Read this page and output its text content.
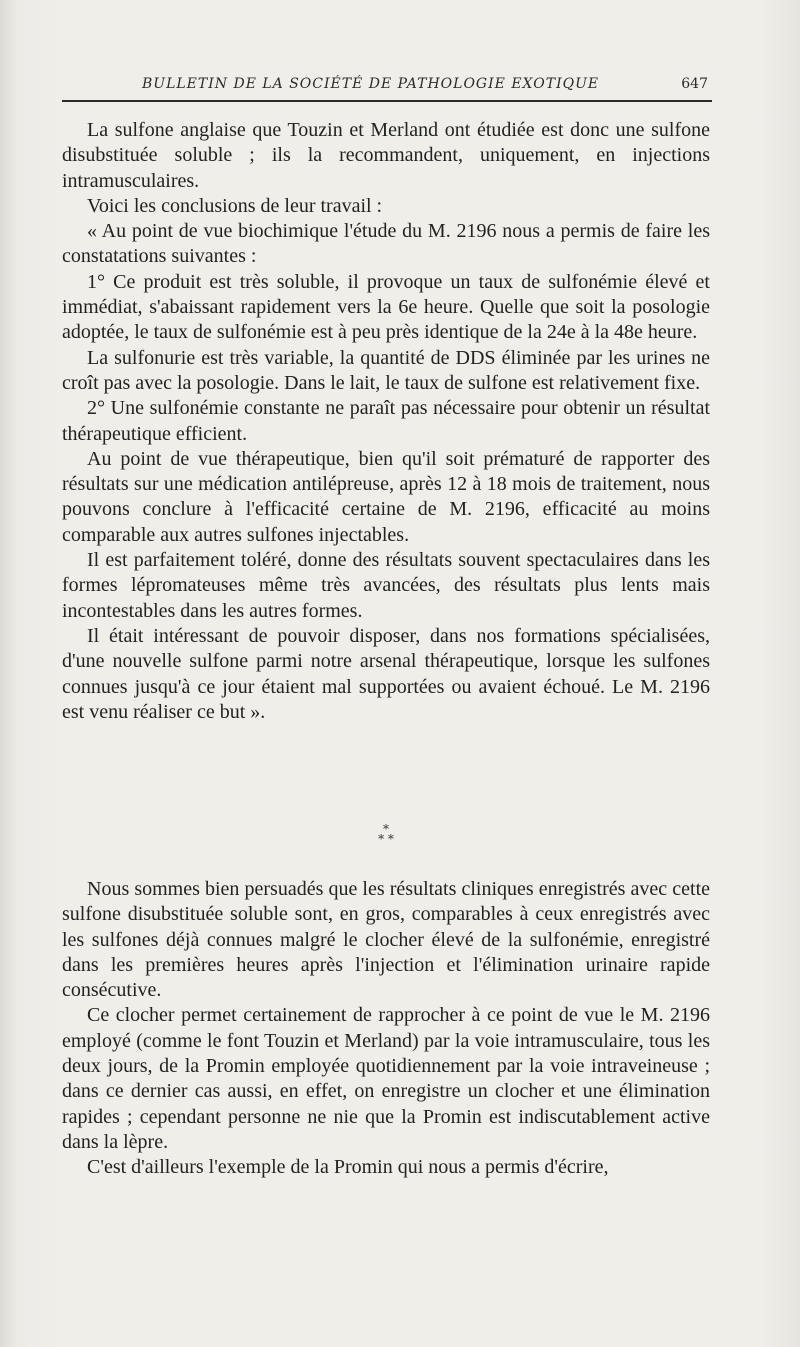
BULLETIN DE LA SOCIÉTÉ DE PATHOLOGIE EXOTIQUE	647

La sulfone anglaise que Touzin et Merland ont étudiée est donc une sulfone disubstituée soluble ; ils la recommandent, uniquement, en injections intramusculaires.

Voici les conclusions de leur travail :

« Au point de vue biochimique l'étude du M. 2196 nous a permis de faire les constatations suivantes :

1° Ce produit est très soluble, il provoque un taux de sulfonémie élevé et immédiat, s'abaissant rapidement vers la 6e heure. Quelle que soit la posologie adoptée, le taux de sulfonémie est à peu près identique de la 24e à la 48e heure.

La sulfonurie est très variable, la quantité de DDS éliminée par les urines ne croît pas avec la posologie. Dans le lait, le taux de sulfone est relativement fixe.

2° Une sulfonémie constante ne paraît pas nécessaire pour obtenir un résultat thérapeutique efficient.

Au point de vue thérapeutique, bien qu'il soit prématuré de rapporter des résultats sur une médication antilépreuse, après 12 à 18 mois de traitement, nous pouvons conclure à l'efficacité certaine de M. 2196, efficacité au moins comparable aux autres sulfones injectables.

Il est parfaitement toléré, donne des résultats souvent spectaculaires dans les formes lépromateuses même très avancées, des résultats plus lents mais incontestables dans les autres formes.

Il était intéressant de pouvoir disposer, dans nos formations spécialisées, d'une nouvelle sulfone parmi notre arsenal thérapeutique, lorsque les sulfones connues jusqu'à ce jour étaient mal supportées ou avaient échoué. Le M. 2196 est venu réaliser ce but ».

*
* *

Nous sommes bien persuadés que les résultats cliniques enregistrés avec cette sulfone disubstituée soluble sont, en gros, comparables à ceux enregistrés avec les sulfones déjà connues malgré le clocher élevé de la sulfonémie, enregistré dans les premières heures après l'injection et l'élimination urinaire rapide consécutive.

Ce clocher permet certainement de rapprocher à ce point de vue le M. 2196 employé (comme le font Touzin et Merland) par la voie intramusculaire, tous les deux jours, de la Promin employée quotidiennement par la voie intraveineuse ; dans ce dernier cas aussi, en effet, on enregistre un clocher et une élimination rapides ; cependant personne ne nie que la Promin est indiscutablement active dans la lèpre.

C'est d'ailleurs l'exemple de la Promin qui nous a permis d'écrire,
